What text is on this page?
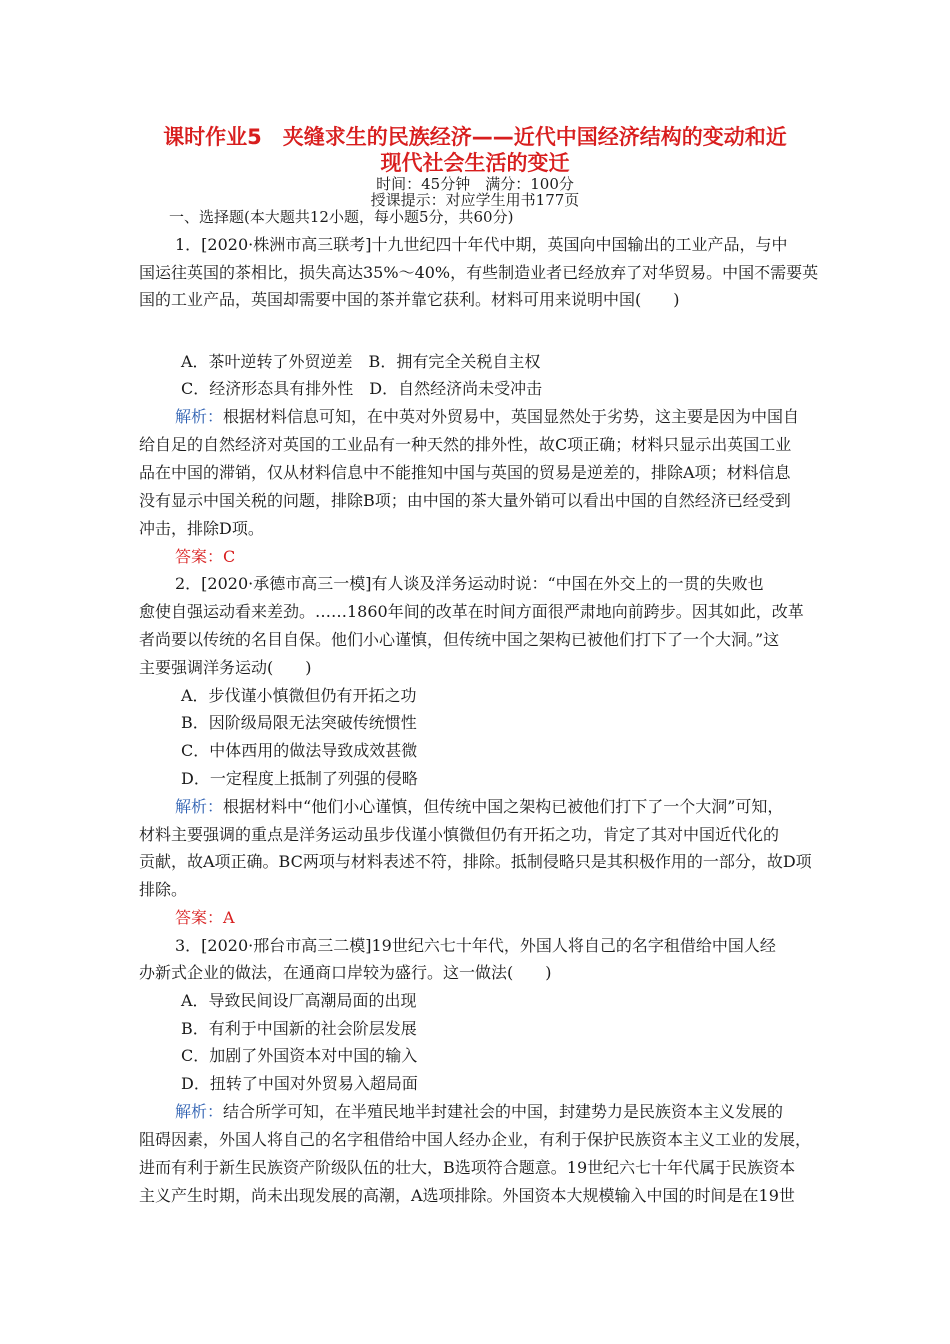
课时作业5　夹缝求生的民族经济——近代中国经济结构的变动和近
现代社会生活的变迁
时间：45分钟　满分：100分
授课提示：对应学生用书177页
一、选择题(本大题共12小题，每小题5分，共60分)
1．[2020·株洲市高三联考]十九世纪四十年代中期，英国向中国输出的工业产品，与中
国运往英国的茶相比，损失高达35%～40%，有些制造业者已经放弃了对华贸易。中国不需要英
国的工业产品，英国却需要中国的茶并靠它获利。材料可用来说明中国(　　)
A．茶叶逆转了外贸逆差　B．拥有完全关税自主权
C．经济形态具有排外性　D．自然经济尚未受冲击
解析：根据材料信息可知，在中英对外贸易中，英国显然处于劣势，这主要是因为中国自
给自足的自然经济对英国的工业品有一种天然的排外性，故C项正确；材料只显示出英国工业
品在中国的滞销，仅从材料信息中不能推知中国与英国的贸易是逆差的，排除A项；材料信息
没有显示中国关税的问题，排除B项；由中国的茶大量外销可以看出中国的自然经济已经受到
冲击，排除D项。
答案：C
2．[2020·承德市高三一模]有人谈及洋务运动时说：“中国在外交上的一贯的失败也
愈使自强运动看来差劲。……1860年间的改革在时间方面很严肃地向前跨步。因其如此，改革
者尚要以传统的名目自保。他们小心谨慎，但传统中国之架构已被他们打下了一个大洞。”这
主要强调洋务运动(　　)
A．步伐谨小慎微但仍有开拓之功
B．因阶级局限无法突破传统惯性
C．中体西用的做法导致成效甚微
D．一定程度上抵制了列强的侵略
解析：根据材料中“他们小心谨慎，但传统中国之架构已被他们打下了一个大洞”可知，
材料主要强调的重点是洋务运动虽步伐谨小慎微但仍有开拓之功，肯定了其对中国近代化的
贡献，故A项正确。BC两项与材料表述不符，排除。抵制侵略只是其积极作用的一部分，故D项
排除。
答案：A
3．[2020·邢台市高三二模]19世纪六七十年代，外国人将自己的名字租借给中国人经
办新式企业的做法，在通商口岸较为盛行。这一做法(　　)
A．导致民间设厂高潮局面的出现
B．有利于中国新的社会阶层发展
C．加剧了外国资本对中国的输入
D．扭转了中国对外贸易入超局面
解析：结合所学可知，在半殖民地半封建社会的中国，封建势力是民族资本主义发展的
阻碍因素，外国人将自己的名字租借给中国人经办企业，有利于保护民族资本主义工业的发展，
进而有利于新生民族资产阶级队伍的壮大，B选项符合题意。19世纪六七十年代属于民族资本
主义产生时期，尚未出现发展的高潮，A选项排除。外国资本大规模输入中国的时间是在19世
